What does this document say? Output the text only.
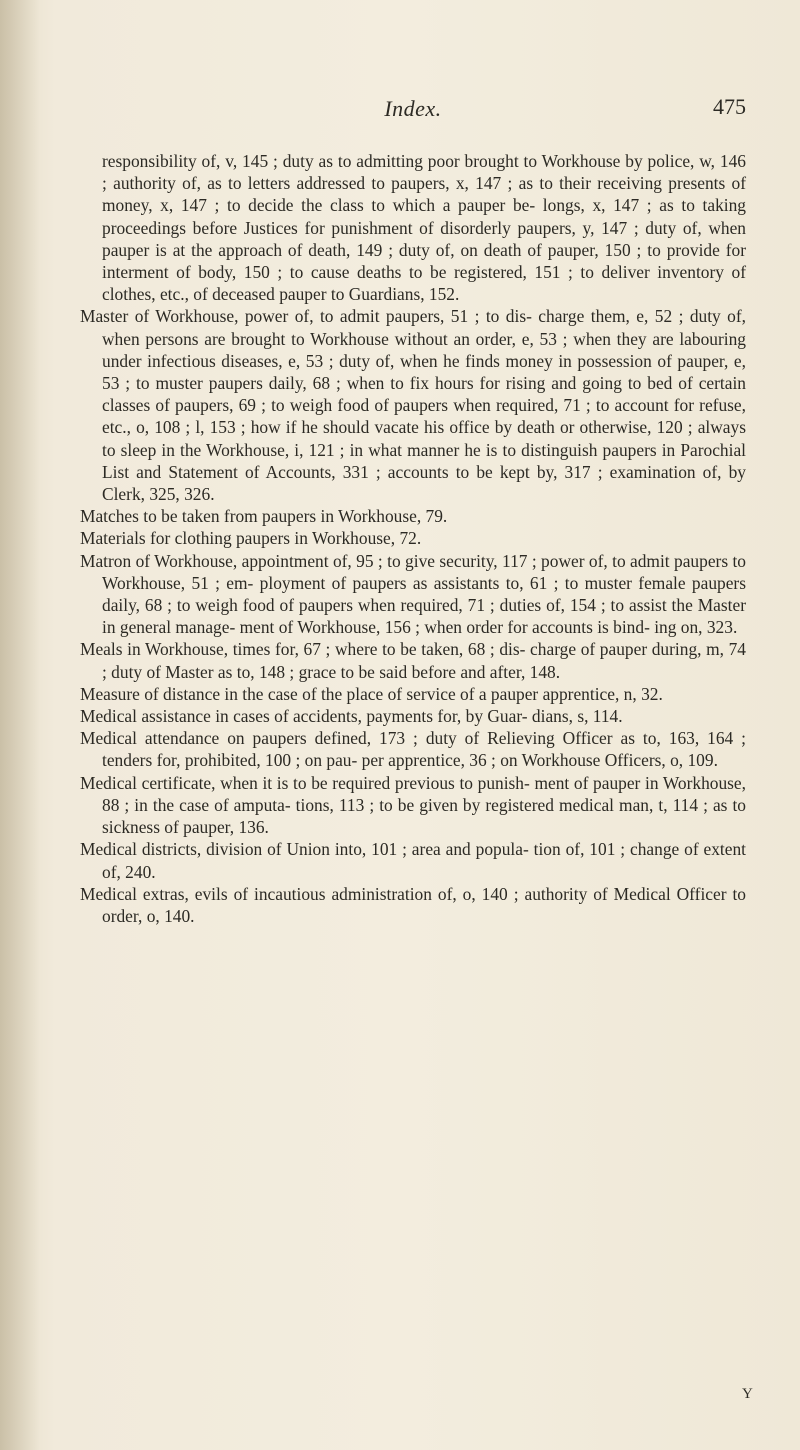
Index.	475

responsibility of, v, 145 ; duty as to admitting poor brought to Workhouse by police, w, 146 ; authority of, as to letters addressed to paupers, x, 147 ; as to their receiving presents of money, x, 147 ; to decide the class to which a pauper be- longs, x, 147 ; as to taking proceedings before Justices for punishment of disorderly paupers, y, 147 ; duty of, when pauper is at the approach of death, 149 ; duty of, on death of pauper, 150 ; to provide for interment of body, 150 ; to cause deaths to be registered, 151 ; to deliver inventory of clothes, etc., of deceased pauper to Guardians, 152.

Master of Workhouse, power of, to admit paupers, 51 ; to dis- charge them, e, 52 ; duty of, when persons are brought to Workhouse without an order, e, 53 ; when they are labouring under infectious diseases, e, 53 ; duty of, when he finds money in possession of pauper, e, 53 ; to muster paupers daily, 68 ; when to fix hours for rising and going to bed of certain classes of paupers, 69 ; to weigh food of paupers when required, 71 ; to account for refuse, etc., o, 108 ; l, 153 ; how if he should vacate his office by death or otherwise, 120 ; always to sleep in the Workhouse, i, 121 ; in what manner he is to distinguish paupers in Parochial List and Statement of Accounts, 331 ; accounts to be kept by, 317 ; examination of, by Clerk, 325, 326.

Matches to be taken from paupers in Workhouse, 79.

Materials for clothing paupers in Workhouse, 72.

Matron of Workhouse, appointment of, 95 ; to give security, 117 ; power of, to admit paupers to Workhouse, 51 ; em- ployment of paupers as assistants to, 61 ; to muster female paupers daily, 68 ; to weigh food of paupers when required, 71 ; duties of, 154 ; to assist the Master in general manage- ment of Workhouse, 156 ; when order for accounts is bind- ing on, 323.

Meals in Workhouse, times for, 67 ; where to be taken, 68 ; dis- charge of pauper during, m, 74 ; duty of Master as to, 148 ; grace to be said before and after, 148.

Measure of distance in the case of the place of service of a pauper apprentice, n, 32.

Medical assistance in cases of accidents, payments for, by Guar- dians, s, 114.

Medical attendance on paupers defined, 173 ; duty of Relieving Officer as to, 163, 164 ; tenders for, prohibited, 100 ; on pau- per apprentice, 36 ; on Workhouse Officers, o, 109.

Medical certificate, when it is to be required previous to punish- ment of pauper in Workhouse, 88 ; in the case of amputa- tions, 113 ; to be given by registered medical man, t, 114 ; as to sickness of pauper, 136.

Medical districts, division of Union into, 101 ; area and popula- tion of, 101 ; change of extent of, 240.

Medical extras, evils of incautious administration of, o, 140 ; authority of Medical Officer to order, o, 140.

Y
